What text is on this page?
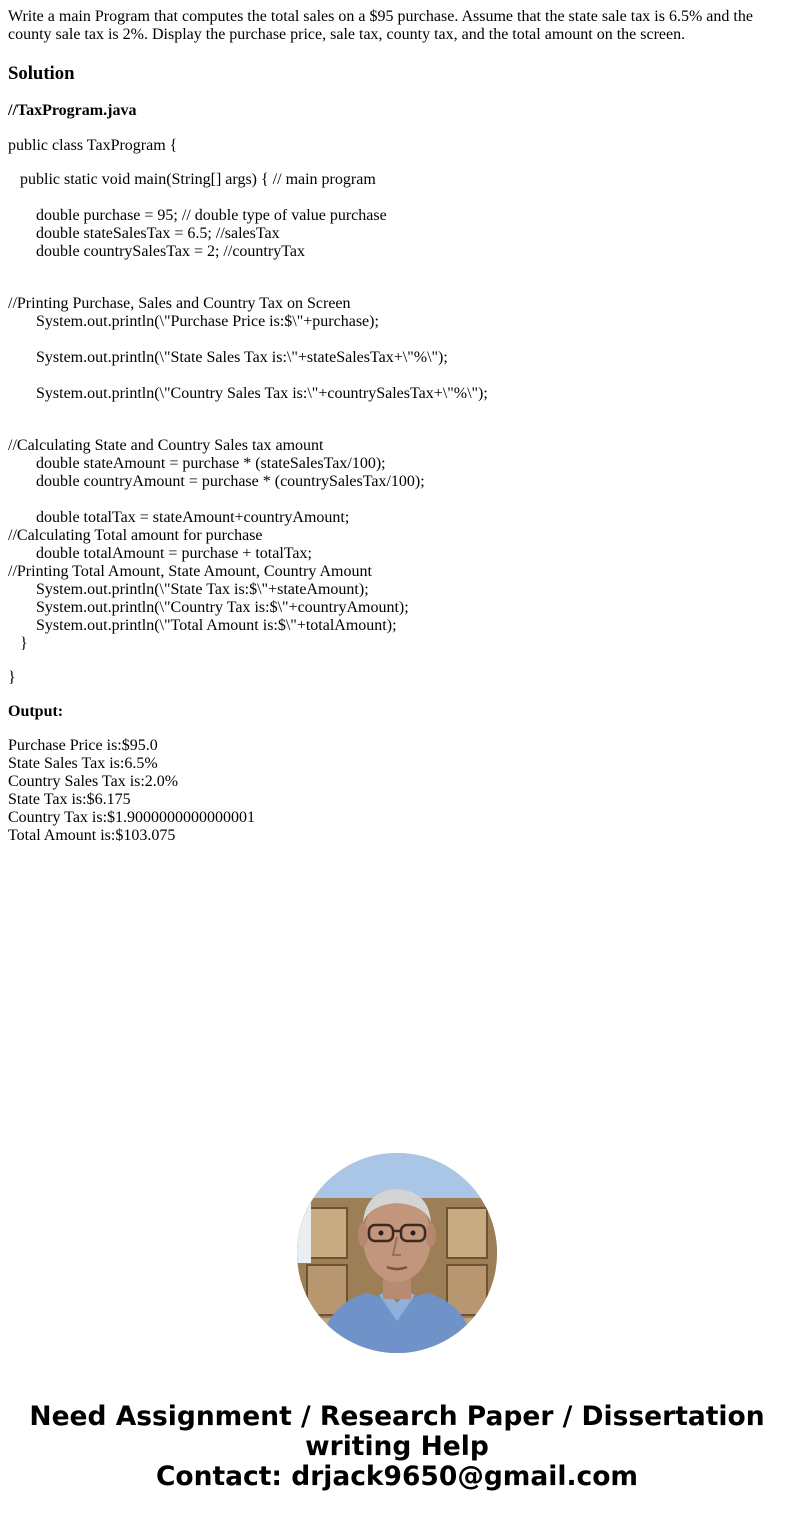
Write a main Program that computes the total sales on a $95 purchase. Assume that the state sale tax is 6.5% and the county sale tax is 2%. Display the purchase price, sale tax, county tax, and the total amount on the screen.

Solution

//TaxProgram.java

public class TaxProgram {

public static void main(String[] args) { // main program

double purchase = 95; // double type of value purchase

double stateSalesTax = 6.5; //salesTax

double countrySalesTax = 2; //countryTax

//Printing Purchase, Sales and Country Tax on Screen

System.out.println(\"Purchase Price is:$\"+purchase);

System.out.println(\"State Sales Tax is:\"+stateSalesTax+\"%\");

System.out.println(\"Country Sales Tax is:\"+countrySalesTax+\"%\");

//Calculating State and Country Sales tax amount

double stateAmount = purchase * (stateSalesTax/100);

double countryAmount = purchase * (countrySalesTax/100);

double totalTax = stateAmount+countryAmount;

//Calculating Total amount for purchase

double totalAmount = purchase + totalTax;

//Printing Total Amount, State Amount, Country Amount

System.out.println(\"State Tax is:$\"+stateAmount);

System.out.println(\"Country Tax is:$\"+countryAmount);

System.out.println(\"Total Amount is:$\"+totalAmount);

}

}

Output:

Purchase Price is:$95.0

State Sales Tax is:6.5%

Country Sales Tax is:2.0%

State Tax is:$6.175

Country Tax is:$1.9000000000000001

Total Amount is:$103.075

Need Assignment / Research Paper / Dissertation
writing Help
Contact: drjack9650@gmail.com
